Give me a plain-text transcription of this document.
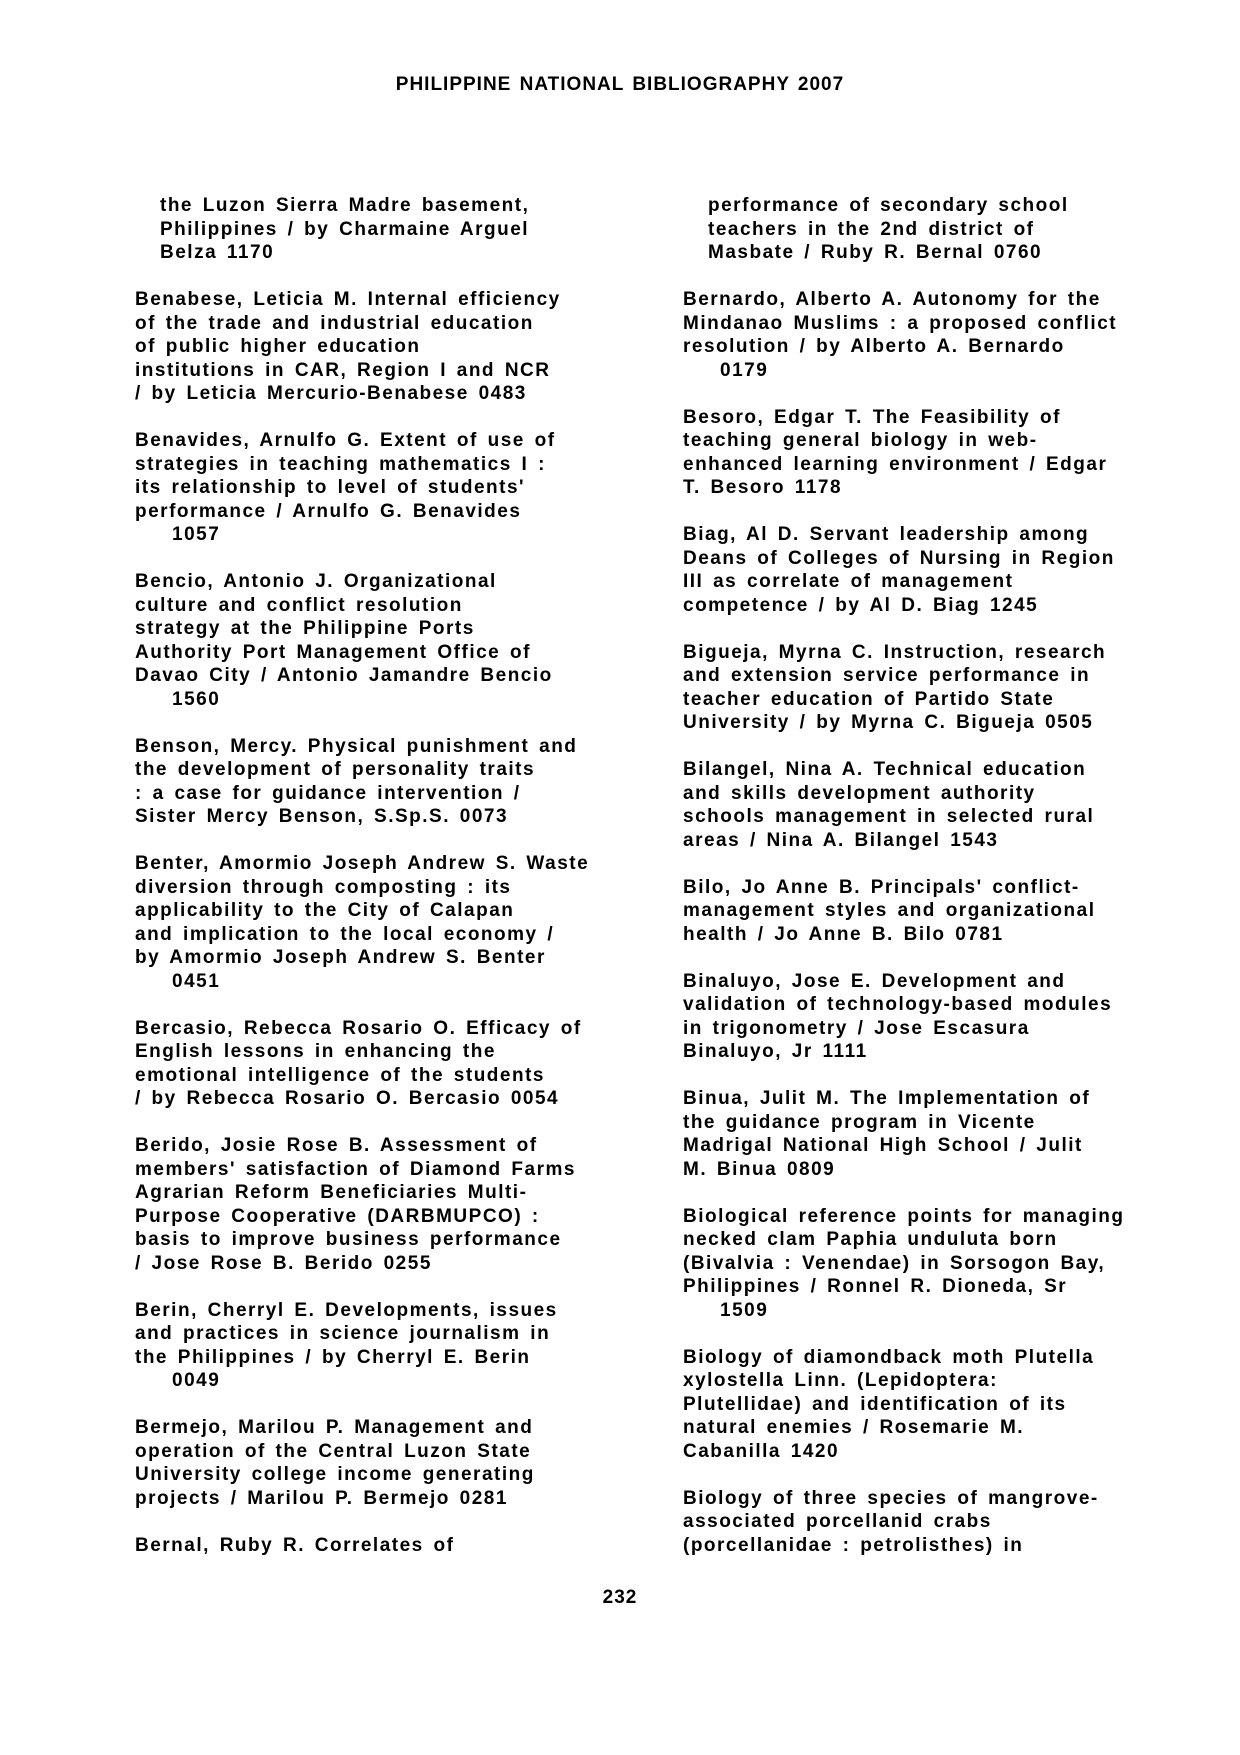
PHILIPPINE NATIONAL BIBLIOGRAPHY 2007

the Luzon Sierra Madre basement,
Philippines / by Charmaine Arguel
Belza 1170

Benabese, Leticia M. Internal efficiency
of the trade and industrial education
of public higher education
institutions in CAR, Region I and NCR
/ by Leticia Mercurio-Benabese 0483

Benavides, Arnulfo G. Extent of use of
strategies in teaching mathematics I :
its relationship to level of students'
performance / Arnulfo G. Benavides
1057

Bencio, Antonio J. Organizational
culture and conflict resolution
strategy at the Philippine Ports
Authority Port Management Office of
Davao City / Antonio Jamandre Bencio
1560

Benson, Mercy. Physical punishment and
the development of personality traits
: a case for guidance intervention /
Sister Mercy Benson, S.Sp.S. 0073

Benter, Amormio Joseph Andrew S. Waste
diversion through composting : its
applicability to the City of Calapan
and implication to the local economy /
by Amormio Joseph Andrew S. Benter
0451

Bercasio, Rebecca Rosario O. Efficacy of
English lessons in enhancing the
emotional intelligence of the students
/ by Rebecca Rosario O. Bercasio 0054

Berido, Josie Rose B. Assessment of
members' satisfaction of Diamond Farms
Agrarian Reform Beneficiaries Multi-
Purpose Cooperative (DARBMUPCO) :
basis to improve business performance
/ Jose Rose B. Berido 0255

Berin, Cherryl E. Developments, issues
and practices in science journalism in
the Philippines / by Cherryl E. Berin
0049

Bermejo, Marilou P. Management and
operation of the Central Luzon State
University college income generating
projects / Marilou P. Bermejo 0281

Bernal, Ruby R. Correlates of

performance of secondary school
teachers in the 2nd district of
Masbate / Ruby R. Bernal 0760

Bernardo, Alberto A. Autonomy for the
Mindanao Muslims : a proposed conflict
resolution / by Alberto A. Bernardo
0179

Besoro, Edgar T. The Feasibility of
teaching general biology in web-
enhanced learning environment / Edgar
T. Besoro 1178

Biag, Al D. Servant leadership among
Deans of Colleges of Nursing in Region
III as correlate of management
competence / by Al D. Biag 1245

Bigueja, Myrna C. Instruction, research
and extension service performance in
teacher education of Partido State
University / by Myrna C. Bigueja 0505

Bilangel, Nina A. Technical education
and skills development authority
schools management in selected rural
areas / Nina A. Bilangel 1543

Bilo, Jo Anne B. Principals' conflict-
management styles and organizational
health / Jo Anne B. Bilo 0781

Binaluyo, Jose E. Development and
validation of technology-based modules
in trigonometry / Jose Escasura
Binaluyo, Jr 1111

Binua, Julit M. The Implementation of
the guidance program in Vicente
Madrigal National High School / Julit
M. Binua 0809

Biological reference points for managing
necked clam Paphia unduluta born
(Bivalvia : Venendae) in Sorsogon Bay,
Philippines / Ronnel R. Dioneda, Sr
1509

Biology of diamondback moth Plutella
xylostella Linn. (Lepidoptera:
Plutellidae) and identification of its
natural enemies / Rosemarie M.
Cabanilla 1420

Biology of three species of mangrove-
associated porcellanid crabs
(porcellanidae : petrolisthes) in

232
